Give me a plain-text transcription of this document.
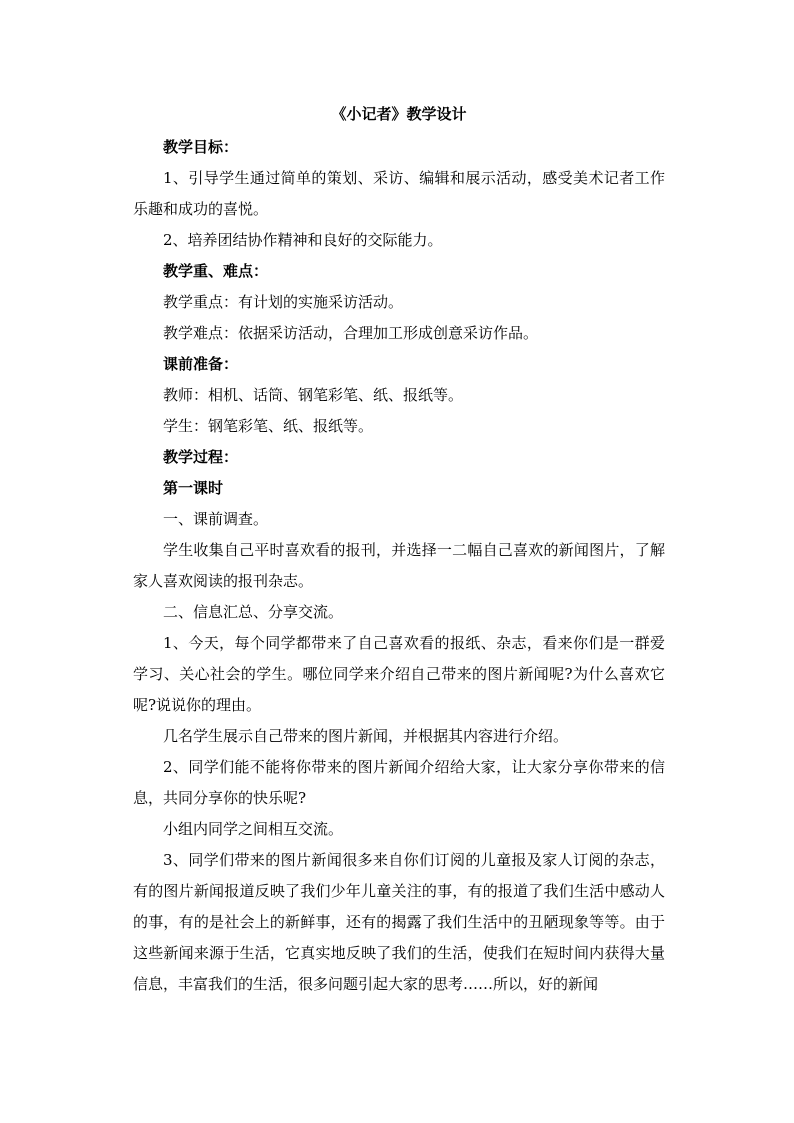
《小记者》教学设计

教学目标：

1、引导学生通过简单的策划、采访、编辑和展示活动，感受美术记者工作乐趣和成功的喜悦。

2、培养团结协作精神和良好的交际能力。

教学重、难点：

教学重点：有计划的实施采访活动。

教学难点：依据采访活动，合理加工形成创意采访作品。

课前准备：

教师：相机、话筒、钢笔彩笔、纸、报纸等。

学生：钢笔彩笔、纸、报纸等。

教学过程：

第一课时

一、课前调查。

学生收集自己平时喜欢看的报刊，并选择一二幅自己喜欢的新闻图片，了解家人喜欢阅读的报刊杂志。

二、信息汇总、分享交流。

1、今天，每个同学都带来了自己喜欢看的报纸、杂志，看来你们是一群爱学习、关心社会的学生。哪位同学来介绍自己带来的图片新闻呢?为什么喜欢它呢?说说你的理由。

几名学生展示自己带来的图片新闻，并根据其内容进行介绍。

2、同学们能不能将你带来的图片新闻介绍给大家，让大家分享你带来的信息，共同分享你的快乐呢?

小组内同学之间相互交流。

3、同学们带来的图片新闻很多来自你们订阅的儿童报及家人订阅的杂志，有的图片新闻报道反映了我们少年儿童关注的事，有的报道了我们生活中感动人的事，有的是社会上的新鲜事，还有的揭露了我们生活中的丑陋现象等等。由于这些新闻来源于生活，它真实地反映了我们的生活，使我们在短时间内获得大量信息，丰富我们的生活，很多问题引起大家的思考……所以，好的新闻
